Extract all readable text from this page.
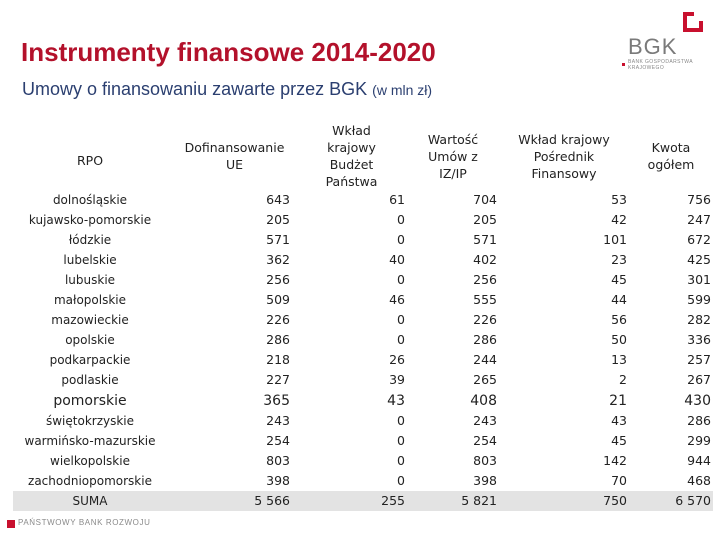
Instrumenty finansowe 2014-2020

Umowy o finansowaniu zawarte przez BGK (w mln zł)

BGK
BANK GOSPODARSTWA KRAJOWEGO
RPO	Dofinansowanie UE	Wkład krajowy Budżet Państwa	Wartość Umów z IZ/IP	Wkład krajowy Pośrednik Finansowy	Kwota ogółem
dolnośląskie	643	61	704	53	756
kujawsko-pomorskie	205	0	205	42	247
łódzkie	571	0	571	101	672
lubelskie	362	40	402	23	425
lubuskie	256	0	256	45	301
małopolskie	509	46	555	44	599
mazowieckie	226	0	226	56	282
opolskie	286	0	286	50	336
podkarpackie	218	26	244	13	257
podlaskie	227	39	265	2	267
pomorskie	365	43	408	21	430
świętokrzyskie	243	0	243	43	286
warmińsko-mazurskie	254	0	254	45	299
wielkopolskie	803	0	803	142	944
zachodniopomorskie	398	0	398	70	468
SUMA	5 566	255	5 821	750	6 570
PAŃSTWOWY BANK ROZWOJU
